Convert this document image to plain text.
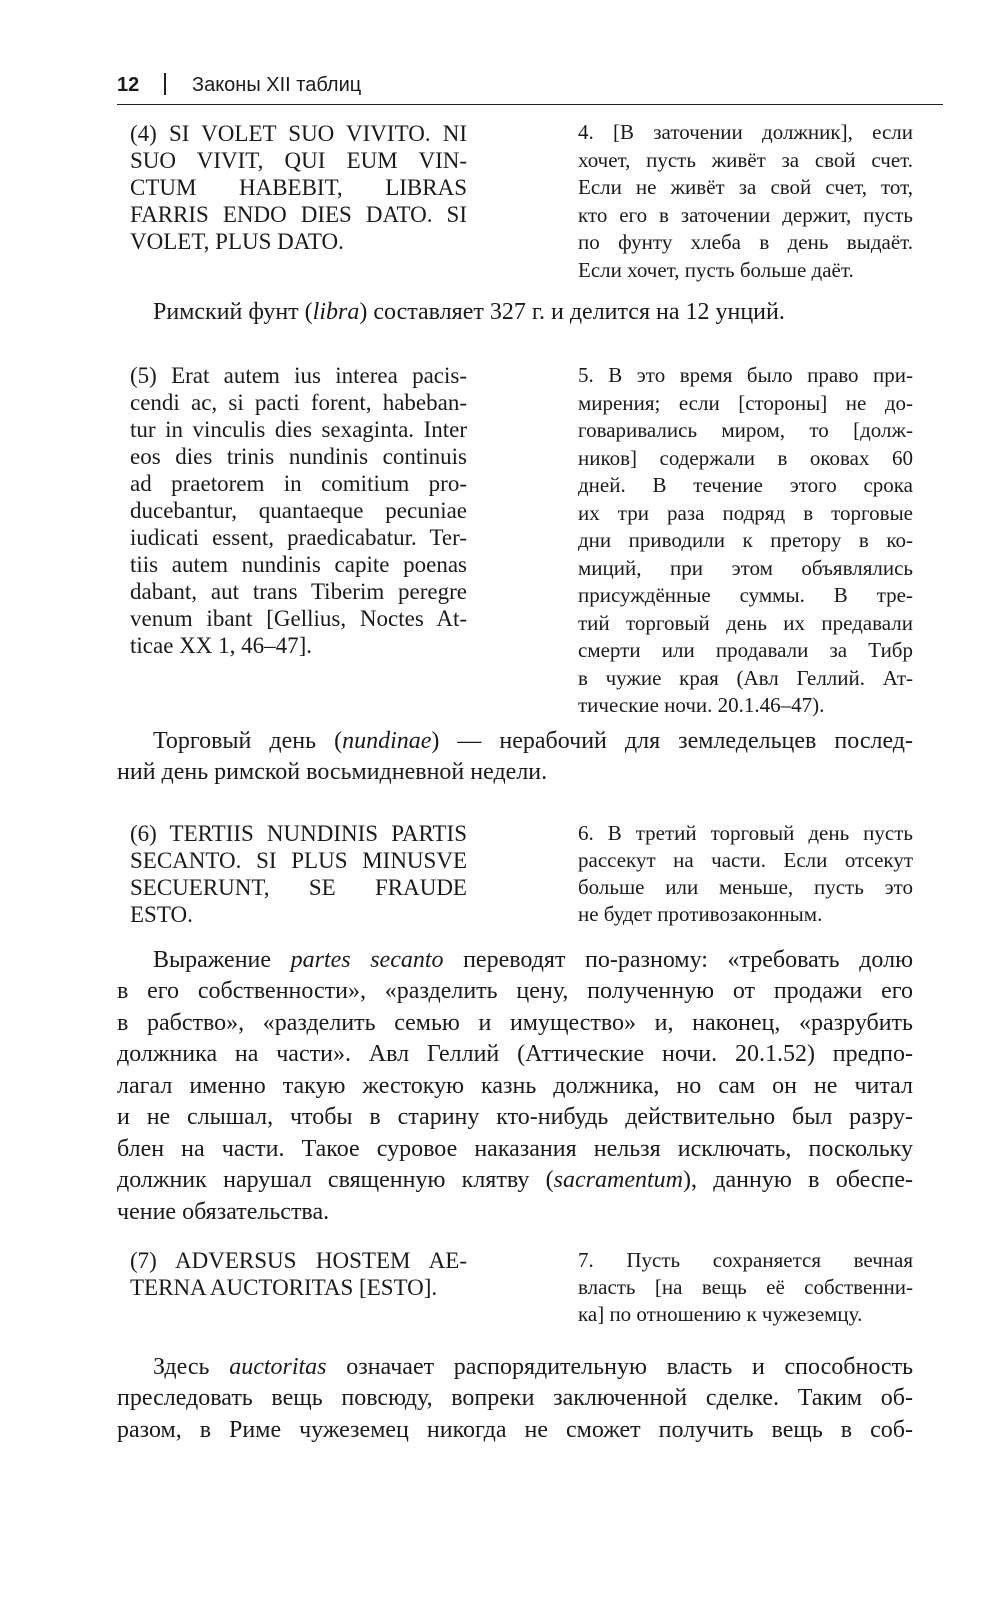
12	Законы XII таблиц
(4) SI VOLET SUO VIVITO. NI
SUO VIVIT, QUI EUM VIN-
CTUM HABEBIT, LIBRAS
FARRIS ENDO DIES DATO. SI
VOLET, PLUS DATO.
4. [В заточении должник], если
хочет, пусть живёт за свой счет.
Если не живёт за свой счет, тот,
кто его в заточении держит, пусть
по фунту хлеба в день выдаёт.
Если хочет, пусть больше даёт.
Римский фунт (libra) составляет 327 г. и делится на 12 унций.
(5) Erat autem ius interea pacis-
cendi ac, si pacti forent, habeban-
tur in vinculis dies sexaginta. Inter
eos dies trinis nundinis continuis
ad praetorem in comitium pro-
ducebantur, quantaeque pecuniae
iudicati essent, praedicabatur. Ter-
tiis autem nundinis capite poenas
dabant, aut trans Tiberim peregre
venum ibant [Gellius, Noctes At-
ticae XX 1, 46–47].
5. В это время было право при-
мирения; если [стороны] не до-
говаривались миром, то [долж-
ников] содержали в оковах 60
дней. В течение этого срока
их три раза подряд в торговые
дни приводили к претору в ко-
миций, при этом объявлялись
присуждённые суммы. В тре-
тий торговый день их предавали
смерти или продавали за Тибр
в чужие края (Авл Геллий. Ат-
тические ночи. 20.1.46–47).
Торговый день (nundinae) — нерабочий для земледельцев послед-
ний день римской восьмидневной недели.
(6) TERTIIS NUNDINIS PARTIS
SECANTO. SI PLUS MINUSVE
SECUERUNT, SE FRAUDE
ESTO.
6. В третий торговый день пусть
рассекут на части. Если отсекут
больше или меньше, пусть это
не будет противозаконным.
Выражение partes secanto переводят по-разному: «требовать долю
в его собственности», «разделить цену, полученную от продажи его
в рабство», «разделить семью и имущество» и, наконец, «разрубить
должника на части». Авл Геллий (Аттические ночи. 20.1.52) предпо-
лагал именно такую жестокую казнь должника, но сам он не читал
и не слышал, чтобы в старину кто-нибудь действительно был разру-
блен на части. Такое суровое наказания нельзя исключать, поскольку
должник нарушал священную клятву (sacramentum), данную в обеспе-
чение обязательства.
(7) ADVERSUS HOSTEM AE-
TERNA AUCTORITAS [ESTO].
7. Пусть сохраняется вечная
власть [на вещь её собственни-
ка] по отношению к чужеземцу.
Здесь auctoritas означает распорядительную власть и способность
преследовать вещь повсюду, вопреки заключенной сделке. Таким об-
разом, в Риме чужеземец никогда не сможет получить вещь в соб-
